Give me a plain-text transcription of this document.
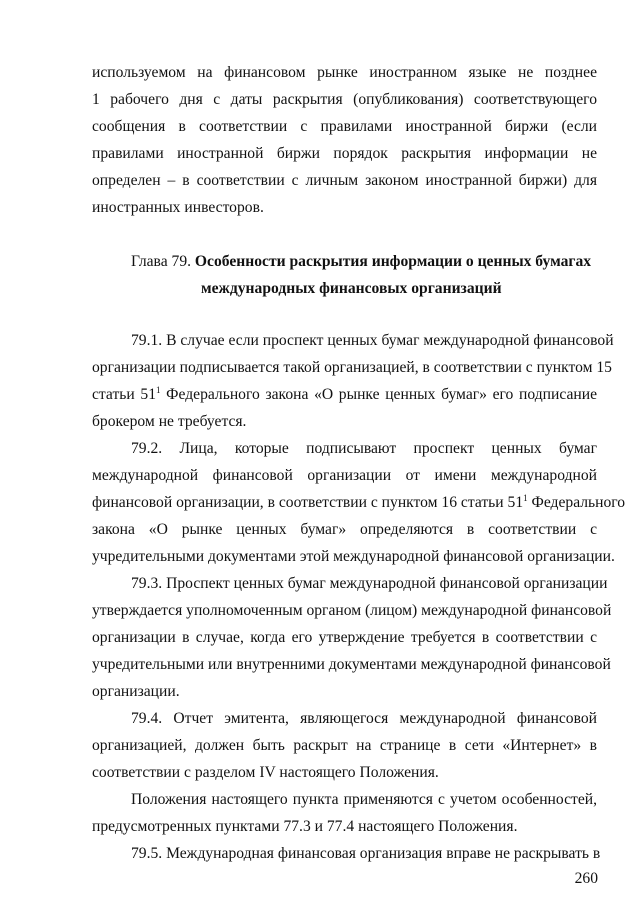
используемом на финансовом рынке иностранном языке не позднее

1 рабочего дня с даты раскрытия (опубликования) соответствующего

сообщения в соответствии с правилами иностранной биржи (если

правилами иностранной биржи порядок раскрытия информации не

определен – в соответствии с личным законом иностранной биржи) для

иностранных инвесторов.

Глава 79. Особенности раскрытия информации о ценных бумагах

международных финансовых организаций

79.1. В случае если проспект ценных бумаг международной финансовой

организации подписывается такой организацией, в соответствии с пунктом 15

статьи $51^1$ Федерального закона «О рынке ценных бумаг» его подписание

брокером не требуется.

79.2. Лица, которые подписывают проспект ценных бумаг

международной финансовой организации от имени международной

финансовой организации, в соответствии с пунктом 16 статьи $51^1$ Федерального

закона «О рынке ценных бумаг» определяются в соответствии с

учредительными документами этой международной финансовой организации.

79.3. Проспект ценных бумаг международной финансовой организации

утверждается уполномоченным органом (лицом) международной финансовой

организации в случае, когда его утверждение требуется в соответствии с

учредительными или внутренними документами международной финансовой

организации.

79.4. Отчет эмитента, являющегося международной финансовой

организацией, должен быть раскрыт на странице в сети «Интернет» в

соответствии с разделом IV настоящего Положения.

Положения настоящего пункта применяются с учетом особенностей,

предусмотренных пунктами 77.3 и 77.4 настоящего Положения.

79.5. Международная финансовая организация вправе не раскрывать в

260
